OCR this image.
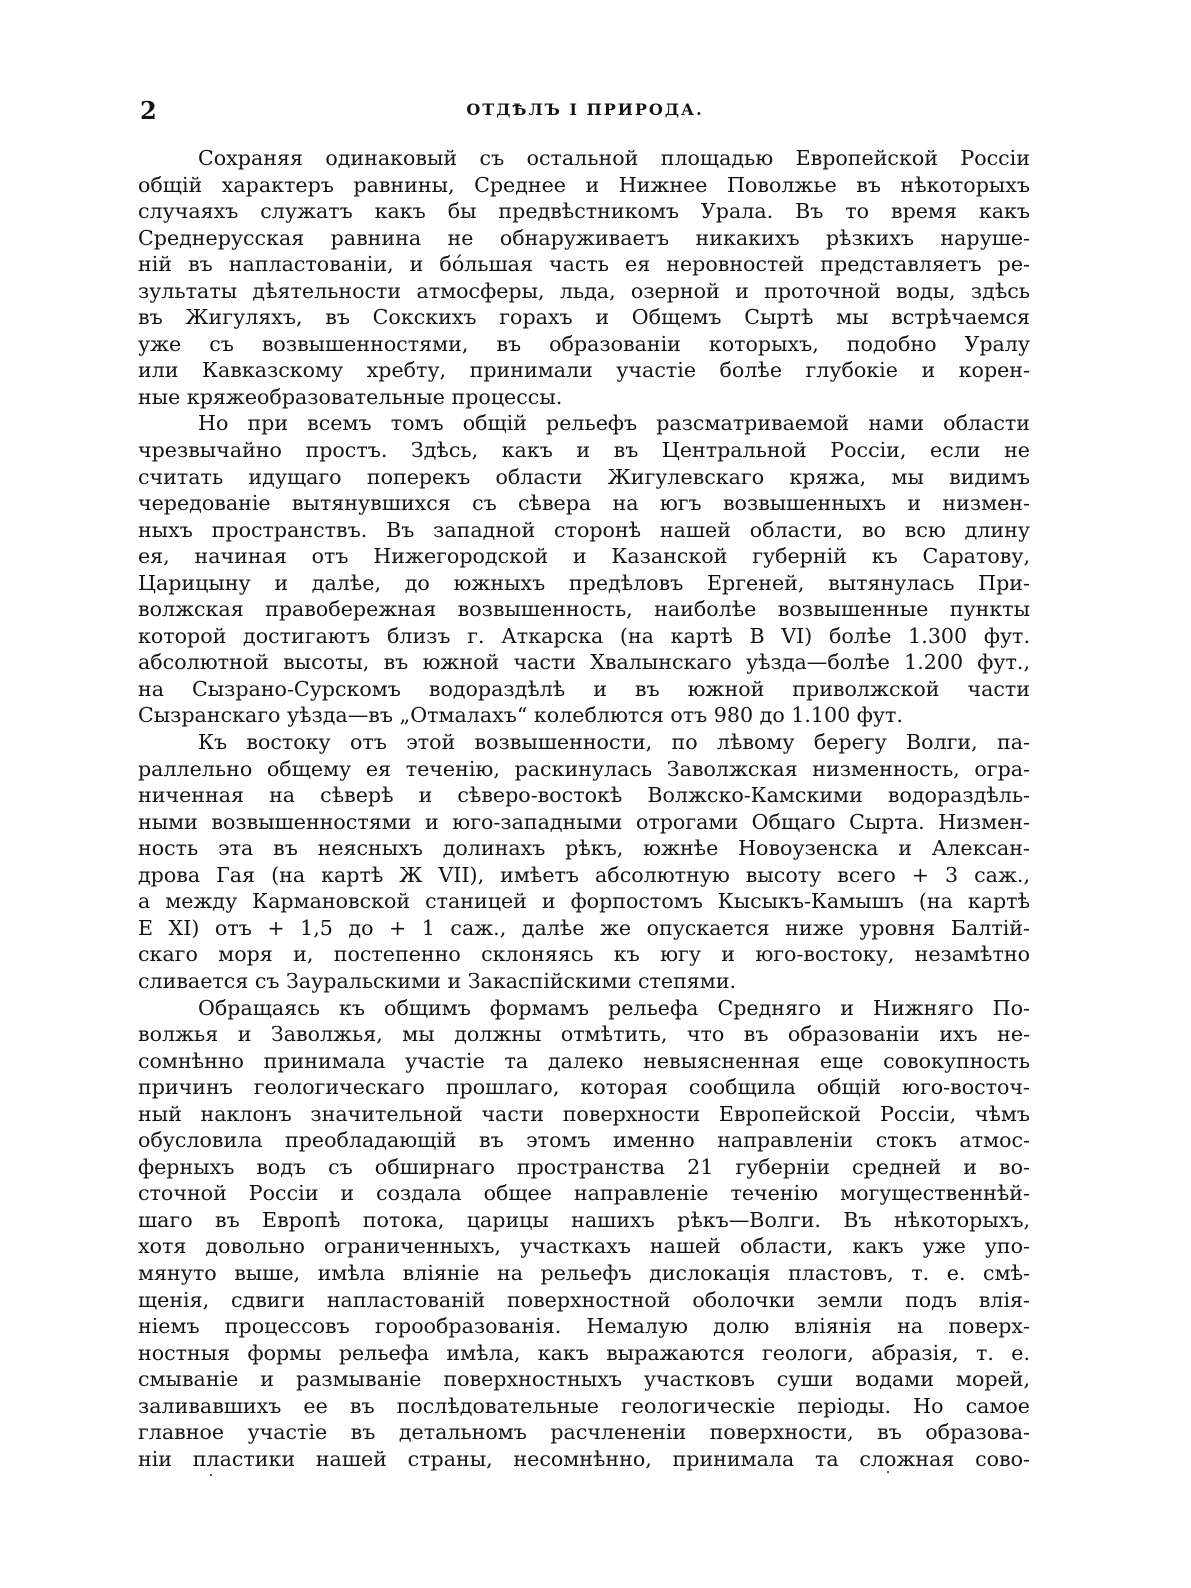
2	ОТДѢЛЪ I ПРИРОДА.
Сохраняя одинаковый съ остальной площадью Европейской Россіи
общій характеръ равнины, Среднее и Нижнее Поволжье въ нѣкоторыхъ
случаяхъ служатъ какъ бы предвѣстникомъ Урала. Въ то время какъ
Среднерусская равнина не обнаруживаетъ никакихъ рѣзкихъ наруше-
ній въ напластованіи, и бóльшая часть ея неровностей представляетъ ре-
зультаты дѣятельности атмосферы, льда, озерной и проточной воды, здѣсь
въ Жигуляхъ, въ Сокскихъ горахъ и Общемъ Сыртѣ мы встрѣчаемся
уже съ возвышенностями, въ образованіи которыхъ, подобно Уралу
или Кавказскому хребту, принимали участіе болѣе глубокіе и корен-
ные кряжеобразовательные процессы.
Но при всемъ томъ общій рельефъ разсматриваемой нами области
чрезвычайно простъ. Здѣсь, какъ и въ Центральной Россіи, если не
считать идущаго поперекъ области Жигулевскаго кряжа, мы видимъ
чередованіе вытянувшихся съ сѣвера на югъ возвышенныхъ и низмен-
ныхъ пространствъ. Въ западной сторонѣ нашей области, во всю длину
ея, начиная отъ Нижегородской и Казанской губерній къ Саратову,
Царицыну и далѣе, до южныхъ предѣловъ Ергеней, вытянулась При-
волжская правобережная возвышенность, наиболѣе возвышенные пункты
которой достигаютъ близъ г. Аткарска (на картѣ В VI) болѣе 1.300 фут.
абсолютной высоты, въ южной части Хвалынскаго уѣзда—болѣе 1.200 фут.,
на Сызрано-Сурскомъ водораздѣлѣ и въ южной приволжской части
Сызранскаго уѣзда—въ „Отмалахъ“ колеблются отъ 980 до 1.100 фут.
Къ востоку отъ этой возвышенности, по лѣвому берегу Волги, па-
раллельно общему ея теченію, раскинулась Заволжская низменность, огра-
ниченная на сѣверѣ и сѣверо-востокѣ Волжско-Камскими водораздѣль-
ными возвышенностями и юго-западными отрогами Общаго Сырта. Низмен-
ность эта въ неясныхъ долинахъ рѣкъ, южнѣе Новоузенска и Алексан-
дрова Гая (на картѣ Ж VII), имѣетъ абсолютную высоту всего + 3 саж.,
а между Кармановской станицей и форпостомъ Кысыкъ-Камышъ (на картѣ
Е XI) отъ + 1,5 до + 1 саж., далѣе же опускается ниже уровня Балтій-
скаго моря и, постепенно склоняясь къ югу и юго-востоку, незамѣтно
сливается съ Зауральскими и Закаспійскими степями.
Обращаясь къ общимъ формамъ рельефа Средняго и Нижняго По-
волжья и Заволжья, мы должны отмѣтить, что въ образованіи ихъ не-
сомнѣнно принимала участіе та далеко невыясненная еще совокупность
причинъ геологическаго прошлаго, которая сообщила общій юго-восточ-
ный наклонъ значительной части поверхности Европейской Россіи, чѣмъ
обусловила преобладающій въ этомъ именно направленіи стокъ атмос-
ферныхъ водъ съ обширнаго пространства 21 губерніи средней и во-
сточной Россіи и создала общее направленіе теченію могущественнѣй-
шаго въ Европѣ потока, царицы нашихъ рѣкъ—Волги. Въ нѣкоторыхъ,
хотя довольно ограниченныхъ, участкахъ нашей области, какъ уже упо-
мянуто выше, имѣла вліяніе на рельефъ дислокація пластовъ, т. е. смѣ-
щенія, сдвиги напластованій поверхностной оболочки земли подъ влія-
ніемъ процессовъ горообразованія. Немалую долю вліянія на поверх-
ностныя формы рельефа имѣла, какъ выражаются геологи, абразія, т. е.
смываніе и размываніе поверхностныхъ участковъ суши водами морей,
заливавшихъ ее въ послѣдовательные геологическіе періоды. Но самое
главное участіе въ детальномъ расчлененіи поверхности, въ образова-
ніи пластики нашей страны, несомнѣнно, принимала та сложная сово-
